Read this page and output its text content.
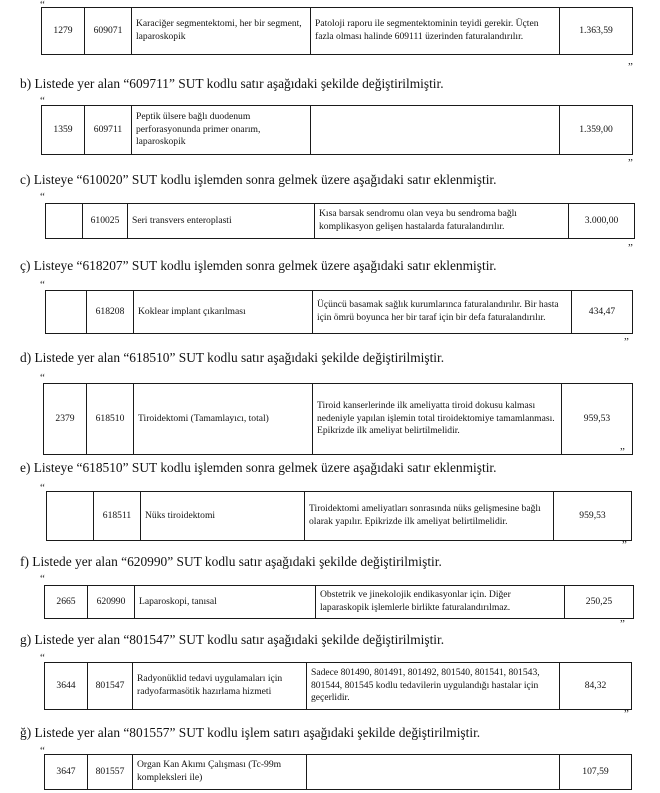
“
1279	609071	Karaciğer segmentektomi, her bir segment, laparoskopik	Patoloji raporu ile segmentektominin teyidi gerekir. Üçten fazla olması halinde 609111 üzerinden faturalandırılır.	1.363,59
”
b) Listede yer alan “609711” SUT kodlu satır aşağıdaki şekilde değiştirilmiştir.
“
1359	609711	Peptik ülsere bağlı duodenum perforasyonunda primer onarım, laparoskopik		1.359,00
”
c) Listeye “610020” SUT kodlu işlemden sonra gelmek üzere aşağıdaki satır eklenmiştir.
“
	610025	Seri transvers enteroplasti	Kısa barsak sendromu olan veya bu sendroma bağlı komplikasyon gelişen hastalarda faturalandırılır.	3.000,00
”
ç) Listeye “618207” SUT kodlu işlemden sonra gelmek üzere aşağıdaki satır eklenmiştir.
“
	618208	Koklear implant çıkarılması	Üçüncü basamak sağlık kurumlarınca faturalandırılır. Bir hasta için ömrü boyunca her bir taraf için bir defa faturalandırılır.	434,47
”
d) Listede yer alan “618510” SUT kodlu satır aşağıdaki şekilde değiştirilmiştir.
“
2379	618510	Tiroidektomi (Tamamlayıcı, total)	Tiroid kanserlerinde ilk ameliyatta tiroid dokusu kalması nedeniyle yapılan işlemin total tiroidektomiye tamamlanması. Epikrizde ilk ameliyat belirtilmelidir.	959,53
”
e) Listeye “618510” SUT kodlu işlemden sonra gelmek üzere aşağıdaki satır eklenmiştir.
“
	618511	Nüks tiroidektomi	Tiroidektomi ameliyatları sonrasında nüks gelişmesine bağlı olarak yapılır. Epikrizde ilk ameliyat belirtilmelidir.	959,53
”
f) Listede yer alan “620990” SUT kodlu satır aşağıdaki şekilde değiştirilmiştir.
“
2665	620990	Laparoskopi, tanısal	Obstetrik ve jinekolojik endikasyonlar için. Diğer laparaskopik işlemlerle birlikte faturalandırılmaz.	250,25
”
g) Listede yer alan “801547” SUT kodlu satır aşağıdaki şekilde değiştirilmiştir.
“
3644	801547	Radyonüklid tedavi uygulamaları için radyofarmasötik hazırlama hizmeti	Sadece 801490, 801491, 801492, 801540, 801541, 801543, 801544, 801545 kodlu tedavilerin uygulandığı hastalar için geçerlidir.	84,32
”
ğ) Listede yer alan “801557” SUT kodlu işlem satırı aşağıdaki şekilde değiştirilmiştir.
“
3647	801557	Organ Kan Akımı Çalışması (Tc-99m kompleksleri ile)		107,59
